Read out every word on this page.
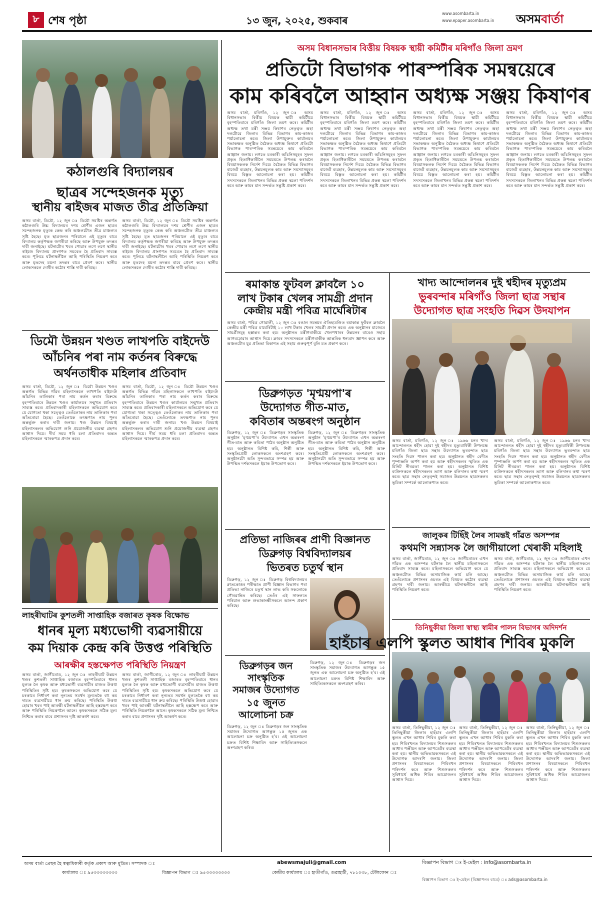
৮ শেষ পৃষ্ঠা	১৩ জুন, ২০২৫, শুকবাৰ
www.asombarta.in
www.epaper.asombarta.in অসমবাৰ্তা
অসম বিধানসভাৰ বিত্তীয় বিষয়ক স্থায়ী কমিটীৰ মৰিগাঁও জিলা ভ্ৰমণ
প্ৰতিটো বিভাগক পাৰস্পৰিক সমন্বয়েৰে
কাম কৰিবলৈ আহ্বান অধ্যক্ষ সঞ্জয় কিষাণৰ
অসম বাৰ্তা, মৰিগাঁও, ১২ জুন ঃ অসম বিধানসভাৰ বিত্তীয় বিষয়ক স্থায়ী কমিটীয়ে বৃহস্পতিবাৰে মৰিগাঁও জিলা ভ্ৰমণ কৰে। কমিটীৰ অধ্যক্ষ তথা মন্ত্ৰী সঞ্জয় কিষাণৰ নেতৃত্বত অহা দলটোৱে জিলাৰ বিভিন্ন বিভাগৰ কাম-কাজৰ পৰ্যালোচনা কৰে। জিলা উপায়ুক্তৰ কাৰ্যালয়ৰ সভাকক্ষত অনুষ্ঠিত বৈঠকত অধ্যক্ষ কিষাণে প্ৰতিটো বিভাগক পাৰস্পৰিক সমন্বয়েৰে কাম কৰিবলৈ আহ্বান জনায়। লগতে চৰকাৰী আঁচনিসমূহৰ সুফল প্ৰকৃত হিতাধিকাৰীলৈ সময়মতে উপলব্ধ কৰাবলৈ বিষয়াসকলক নিৰ্দেশ দিয়ে। বৈঠকত বিভিন্ন বিভাগৰ বাজেট ব্যৱহাৰ, উন্নয়নমূলক কাম আৰু সমস্যাসমূহৰ বিষয়ে বিস্তৃত আলোচনা কৰা হয়। কমিটীৰ সদস্যসকলে জিলাখনৰ বিভিন্ন প্ৰকল্প স্থলো পৰিদৰ্শন কৰে আৰু কামৰ মান সন্দৰ্ভত সন্তুষ্টি প্ৰকাশ কৰে।
অসম বাৰ্তা, মৰিগাঁও, ১২ জুন ঃ অসম বিধানসভাৰ বিত্তীয় বিষয়ক স্থায়ী কমিটীয়ে বৃহস্পতিবাৰে মৰিগাঁও জিলা ভ্ৰমণ কৰে। কমিটীৰ অধ্যক্ষ তথা মন্ত্ৰী সঞ্জয় কিষাণৰ নেতৃত্বত অহা দলটোৱে জিলাৰ বিভিন্ন বিভাগৰ কাম-কাজৰ পৰ্যালোচনা কৰে। জিলা উপায়ুক্তৰ কাৰ্যালয়ৰ সভাকক্ষত অনুষ্ঠিত বৈঠকত অধ্যক্ষ কিষাণে প্ৰতিটো বিভাগক পাৰস্পৰিক সমন্বয়েৰে কাম কৰিবলৈ আহ্বান জনায়। লগতে চৰকাৰী আঁচনিসমূহৰ সুফল প্ৰকৃত হিতাধিকাৰীলৈ সময়মতে উপলব্ধ কৰাবলৈ বিষয়াসকলক নিৰ্দেশ দিয়ে। বৈঠকত বিভিন্ন বিভাগৰ বাজেট ব্যৱহাৰ, উন্নয়নমূলক কাম আৰু সমস্যাসমূহৰ বিষয়ে বিস্তৃত আলোচনা কৰা হয়। কমিটীৰ সদস্যসকলে জিলাখনৰ বিভিন্ন প্ৰকল্প স্থলো পৰিদৰ্শন কৰে আৰু কামৰ মান সন্দৰ্ভত সন্তুষ্টি প্ৰকাশ কৰে।
অসম বাৰ্তা, মৰিগাঁও, ১২ জুন ঃ অসম বিধানসভাৰ বিত্তীয় বিষয়ক স্থায়ী কমিটীয়ে বৃহস্পতিবাৰে মৰিগাঁও জিলা ভ্ৰমণ কৰে। কমিটীৰ অধ্যক্ষ তথা মন্ত্ৰী সঞ্জয় কিষাণৰ নেতৃত্বত অহা দলটোৱে জিলাৰ বিভিন্ন বিভাগৰ কাম-কাজৰ পৰ্যালোচনা কৰে। জিলা উপায়ুক্তৰ কাৰ্যালয়ৰ সভাকক্ষত অনুষ্ঠিত বৈঠকত অধ্যক্ষ কিষাণে প্ৰতিটো বিভাগক পাৰস্পৰিক সমন্বয়েৰে কাম কৰিবলৈ আহ্বান জনায়। লগতে চৰকাৰী আঁচনিসমূহৰ সুফল প্ৰকৃত হিতাধিকাৰীলৈ সময়মতে উপলব্ধ কৰাবলৈ বিষয়াসকলক নিৰ্দেশ দিয়ে। বৈঠকত বিভিন্ন বিভাগৰ বাজেট ব্যৱহাৰ, উন্নয়নমূলক কাম আৰু সমস্যাসমূহৰ বিষয়ে বিস্তৃত আলোচনা কৰা হয়। কমিটীৰ সদস্যসকলে জিলাখনৰ বিভিন্ন প্ৰকল্প স্থলো পৰিদৰ্শন কৰে আৰু কামৰ মান সন্দৰ্ভত সন্তুষ্টি প্ৰকাশ কৰে।
অসম বাৰ্তা, মৰিগাঁও, ১২ জুন ঃ অসম বিধানসভাৰ বিত্তীয় বিষয়ক স্থায়ী কমিটীয়ে বৃহস্পতিবাৰে মৰিগাঁও জিলা ভ্ৰমণ কৰে। কমিটীৰ অধ্যক্ষ তথা মন্ত্ৰী সঞ্জয় কিষাণৰ নেতৃত্বত অহা দলটোৱে জিলাৰ বিভিন্ন বিভাগৰ কাম-কাজৰ পৰ্যালোচনা কৰে। জিলা উপায়ুক্তৰ কাৰ্যালয়ৰ সভাকক্ষত অনুষ্ঠিত বৈঠকত অধ্যক্ষ কিষাণে প্ৰতিটো বিভাগক পাৰস্পৰিক সমন্বয়েৰে কাম কৰিবলৈ আহ্বান জনায়। লগতে চৰকাৰী আঁচনিসমূহৰ সুফল প্ৰকৃত হিতাধিকাৰীলৈ সময়মতে উপলব্ধ কৰাবলৈ বিষয়াসকলক নিৰ্দেশ দিয়ে। বৈঠকত বিভিন্ন বিভাগৰ বাজেট ব্যৱহাৰ, উন্নয়নমূলক কাম আৰু সমস্যাসমূহৰ বিষয়ে বিস্তৃত আলোচনা কৰা হয়। কমিটীৰ সদস্যসকলে জিলাখনৰ বিভিন্ন প্ৰকল্প স্থলো পৰিদৰ্শন কৰে আৰু কামৰ মান সন্দৰ্ভত সন্তুষ্টি প্ৰকাশ কৰে।
কঠালগুৰি বিদ্যালয়ৰ
ছাত্ৰৰ সন্দেহজনক মৃত্যু
স্থানীয় ৰাইজৰ মাজত তীব্ৰ প্ৰতিক্ৰিয়া
অসম বাৰ্তা, ডিমৌ, ১২ জুন ঃ ডিমৌ সমষ্টিৰ অন্তৰ্গত কঠালগুৰি উচ্চ বিদ্যালয়ৰ দশম শ্ৰেণীৰ এজন ছাত্ৰৰ সন্দেহজনক মৃত্যুক কেন্দ্ৰ কৰি অঞ্চলটোত তীব্ৰ চাঞ্চল্যৰ সৃষ্টি হৈছে। মৃত ছাত্ৰজনৰ পৰিয়ালে এই মৃত্যুৰ বাবে বিদ্যালয় কৰ্তৃপক্ষক জগৰীয়া কৰিছে আৰু উপযুক্ত তদন্তৰ দাবী জনাইছে। ঘটনাটোৰ খবৰ পোৱাৰ লগে লগে স্থানীয় ৰাইজে বিদ্যালয় প্ৰাংগণত সমবেত হৈ প্ৰতিবাদ সাব্যস্ত কৰে। পুলিচে ঘটনাস্থলীলৈ আহি পৰিস্থিতি নিয়ন্ত্ৰণ কৰে আৰু মৃতদেহ ময়না তদন্তৰ বাবে প্ৰেৰণ কৰে। স্থানীয় লোকসকলে দোষীৰ কঠোৰ শাস্তি দাবী কৰিছে।
অসম বাৰ্তা, ডিমৌ, ১২ জুন ঃ ডিমৌ সমষ্টিৰ অন্তৰ্গত কঠালগুৰি উচ্চ বিদ্যালয়ৰ দশম শ্ৰেণীৰ এজন ছাত্ৰৰ সন্দেহজনক মৃত্যুক কেন্দ্ৰ কৰি অঞ্চলটোত তীব্ৰ চাঞ্চল্যৰ সৃষ্টি হৈছে। মৃত ছাত্ৰজনৰ পৰিয়ালে এই মৃত্যুৰ বাবে বিদ্যালয় কৰ্তৃপক্ষক জগৰীয়া কৰিছে আৰু উপযুক্ত তদন্তৰ দাবী জনাইছে। ঘটনাটোৰ খবৰ পোৱাৰ লগে লগে স্থানীয় ৰাইজে বিদ্যালয় প্ৰাংগণত সমবেত হৈ প্ৰতিবাদ সাব্যস্ত কৰে। পুলিচে ঘটনাস্থলীলৈ আহি পৰিস্থিতি নিয়ন্ত্ৰণ কৰে আৰু মৃতদেহ ময়না তদন্তৰ বাবে প্ৰেৰণ কৰে। স্থানীয় লোকসকলে দোষীৰ কঠোৰ শাস্তি দাবী কৰিছে।
ডিমৌ উন্নয়ন খণ্ডত লাখপতি বাইদেউ
আঁচনিৰ পৰা নাম কৰ্তনৰ বিৰুদ্ধে
অৰ্থনতাধীক মহিলাৰ প্ৰতিবাদ
অসম বাৰ্তা, ডিমৌ, ১২ জুন ঃ ডিমৌ উন্নয়ন খণ্ডৰ অন্তৰ্গত বিভিন্ন গাঁৱৰ মহিলাসকলে লাখপতি বাইদেউ আঁচনিৰ তালিকাৰ পৰা নাম কৰ্তন কৰাৰ বিৰুদ্ধে বৃহস্পতিবাৰে উন্নয়ন খণ্ডৰ কাৰ্যালয়ৰ সন্মুখত প্ৰতিবাদ সাব্যস্ত কৰে। প্ৰতিবাদকাৰী মহিলাসকলে অভিযোগ কৰে যে যোগ্যতা থকা সত্ত্বেও তেওঁলোকৰ নাম তালিকাৰ পৰা আঁতৰোৱা হৈছে। তেওঁলোকে তৎক্ষণাত নাম পুনৰ অন্তৰ্ভুক্ত কৰাৰ দাবী জনায়। খণ্ড উন্নয়ন বিষয়াই মহিলাসকলৰ অভিযোগ শুনি প্ৰয়োজনীয় ব্যৱস্থা গ্ৰহণৰ আশ্বাস দিয়ে। দীৰ্ঘ সময় ধৰি চলা প্ৰতিবাদৰ অন্তত মহিলাসকলে স্মাৰকপত্ৰ প্ৰদান কৰে।
অসম বাৰ্তা, ডিমৌ, ১২ জুন ঃ ডিমৌ উন্নয়ন খণ্ডৰ অন্তৰ্গত বিভিন্ন গাঁৱৰ মহিলাসকলে লাখপতি বাইদেউ আঁচনিৰ তালিকাৰ পৰা নাম কৰ্তন কৰাৰ বিৰুদ্ধে বৃহস্পতিবাৰে উন্নয়ন খণ্ডৰ কাৰ্যালয়ৰ সন্মুখত প্ৰতিবাদ সাব্যস্ত কৰে। প্ৰতিবাদকাৰী মহিলাসকলে অভিযোগ কৰে যে যোগ্যতা থকা সত্ত্বেও তেওঁলোকৰ নাম তালিকাৰ পৰা আঁতৰোৱা হৈছে। তেওঁলোকে তৎক্ষণাত নাম পুনৰ অন্তৰ্ভুক্ত কৰাৰ দাবী জনায়। খণ্ড উন্নয়ন বিষয়াই মহিলাসকলৰ অভিযোগ শুনি প্ৰয়োজনীয় ব্যৱস্থা গ্ৰহণৰ আশ্বাস দিয়ে। দীৰ্ঘ সময় ধৰি চলা প্ৰতিবাদৰ অন্তত মহিলাসকলে স্মাৰকপত্ৰ প্ৰদান কৰে।
লাহৰীঘাটৰ কুশতলী সাপ্তাহিক বজাৰত কৃষক বিক্ষোভ
ধানৰ মূল্য মধ্যভোগী ব্যৱসায়ীয়ে
কম দিয়াক কেন্দ্ৰ কৰি উত্তপ্ত পৰিস্থিতি
আৰক্ষীৰ হস্তক্ষেপত পৰিস্থিতি নিয়ন্ত্ৰণ
অসম বাৰ্তা, জাগীৰোড, ১২ জুন ঃ লাহৰীঘাট উন্নয়ন খণ্ডৰ কুশতলী সাপ্তাহিক বজাৰত বৃহস্পতিবাৰে ধানৰ মূল্যক লৈ কৃষক আৰু মধ্যভোগী ব্যৱসায়ীৰ মাজত উত্তপ্ত পৰিস্থিতিৰ সৃষ্টি হয়। কৃষকসকলে অভিযোগ কৰে যে চৰকাৰে নিৰ্ধাৰণ কৰা নূন্যতম সমৰ্থন মূল্যতকৈ বহু কম দামত ব্যৱসায়ীয়ে ধান ক্ৰয় কৰিছে। পৰিস্থিতি উত্তপ্ত হোৱাৰ খবৰ পাই আৰক্ষী ঘটনাস্থলীলৈ আহি হস্তক্ষেপ কৰে আৰু পৰিস্থিতি নিয়ন্ত্ৰণলৈ আনে। কৃষকসকলে সঠিক মূল্য নিশ্চিত কৰাৰ বাবে প্ৰশাসনৰ দৃষ্টি আকৰ্ষণ কৰে।
অসম বাৰ্তা, জাগীৰোড, ১২ জুন ঃ লাহৰীঘাট উন্নয়ন খণ্ডৰ কুশতলী সাপ্তাহিক বজাৰত বৃহস্পতিবাৰে ধানৰ মূল্যক লৈ কৃষক আৰু মধ্যভোগী ব্যৱসায়ীৰ মাজত উত্তপ্ত পৰিস্থিতিৰ সৃষ্টি হয়। কৃষকসকলে অভিযোগ কৰে যে চৰকাৰে নিৰ্ধাৰণ কৰা নূন্যতম সমৰ্থন মূল্যতকৈ বহু কম দামত ব্যৱসায়ীয়ে ধান ক্ৰয় কৰিছে। পৰিস্থিতি উত্তপ্ত হোৱাৰ খবৰ পাই আৰক্ষী ঘটনাস্থলীলৈ আহি হস্তক্ষেপ কৰে আৰু পৰিস্থিতি নিয়ন্ত্ৰণলৈ আনে। কৃষকসকলে সঠিক মূল্য নিশ্চিত কৰাৰ বাবে প্ৰশাসনৰ দৃষ্টি আকৰ্ষণ কৰে।
ৰমাকান্ত ফুটবল ক্লাবলৈ ১০
লাখ টকাৰ খেলৰ সামগ্ৰী প্ৰদান
কেন্দ্ৰীয় মন্ত্ৰী পবিত্ৰ মাৰ্ঘেৰিটাৰ
অসম বাৰ্তা, পবিত্ৰ গোৱালী, ১২ জুন ঃ বঙাল সমন্বয়ৰ ঐতিহ্যমণ্ডিত ৰমাকান্ত ফুটবল ক্লাবলৈ কেন্দ্ৰীয় মন্ত্ৰী পবিত্ৰ মাৰ্ঘেৰিটাই ১০ লাখ টকাৰ খেলৰ সামগ্ৰী প্ৰদান কৰে। এক অনুষ্ঠানৰ মাজেৰে সামগ্ৰীসমূহ হস্তান্তৰ কৰা হয়। অনুষ্ঠানত মন্ত্ৰীগৰাকীয়ে খেলপথাৰৰ উন্নয়নৰ বাবেও সহায় আগবঢ়োৱাৰ আশ্বাস দিয়ে। ক্লাবৰ সদস্যসকলে মন্ত্ৰীগৰাকীক আন্তৰিক ধন্যবাদ জ্ঞাপন কৰে আৰু অঞ্চলটোৰ যুৱ প্ৰতিভা বিকাশত এই সহায় গুৰুত্বপূৰ্ণ বুলি মত প্ৰকাশ কৰে।
ডিব্ৰুগড়ত 'মৃণ্ময়পা'ৰ
উদ্যোগত গীত-মাত,
কবিতাৰ অন্তৰংগ অনুষ্ঠান
ডিব্ৰুগড়, ১২ জুন ঃ ডিব্ৰুগড়ৰ সাংস্কৃতিক অনুষ্ঠান 'মৃণ্ময়পা'ৰ উদ্যোগত এখন অন্তৰংগ গীত-মাত আৰু কবিতা পাঠৰ অনুষ্ঠান অনুষ্ঠিত হয়। অনুষ্ঠানত বিশিষ্ট কবি, শিল্পী আৰু সংস্কৃতিপ্ৰেমী লোকসকলে অংশগ্ৰহণ কৰে। অনুষ্ঠানটো অতি সুন্দৰভাৱে সম্পন্ন হয় আৰু উপস্থিত দৰ্শকসকলে ইয়াক উপভোগ কৰে।
ডিব্ৰুগড়, ১২ জুন ঃ ডিব্ৰুগড়ৰ সাংস্কৃতিক অনুষ্ঠান 'মৃণ্ময়পা'ৰ উদ্যোগত এখন অন্তৰংগ গীত-মাত আৰু কবিতা পাঠৰ অনুষ্ঠান অনুষ্ঠিত হয়। অনুষ্ঠানত বিশিষ্ট কবি, শিল্পী আৰু সংস্কৃতিপ্ৰেমী লোকসকলে অংশগ্ৰহণ কৰে। অনুষ্ঠানটো অতি সুন্দৰভাৱে সম্পন্ন হয় আৰু উপস্থিত দৰ্শকসকলে ইয়াক উপভোগ কৰে।
প্ৰতিভা নাজিৰৰ প্ৰাণী বিজ্ঞানত
ডিব্ৰুগড় বিশ্ববিদ্যালয়ৰ
ভিতৰত চতুৰ্থ স্থান
ডিব্ৰুগড়, ১২ জুন ঃ ডিব্ৰুগড় বিশ্ববিদ্যালয়ৰ স্নাতকোত্তৰ পৰীক্ষাত প্ৰাণী বিজ্ঞান বিভাগৰ পৰা প্ৰতিভা নাজিৰে চতুৰ্থ স্থান লাভ কৰি সকলোকে গৌৰৱান্বিত কৰিছে। তেওঁৰ এই সাফল্যত পৰিয়াল আৰু শুভাকাংক্ষীসকলে আনন্দ প্ৰকাশ কৰিছে।
ডিব্ৰুগড়ৰ জন
সাংস্কৃতিক
সমাজৰ উদ্যোগত
১৫ জুনত
আলোচনা চক্ৰ
ডিব্ৰুগড়, ১২ জুন ঃ ডিব্ৰুগড়ৰ জন সাংস্কৃতিক সমাজৰ উদ্যোগত আগন্তুক ১৫ জুনত এক আলোচনা চক্ৰ অনুষ্ঠিত হ'ব। এই আলোচনা চক্ৰত বিশিষ্ট শিক্ষাবিদ আৰু সাহিত্যিকসকলে অংশগ্ৰহণ কৰিব।
ডিব্ৰুগড়, ১২ জুন ঃ ডিব্ৰুগড়ৰ জন সাংস্কৃতিক সমাজৰ উদ্যোগত আগন্তুক ১৫ জুনত এক আলোচনা চক্ৰ অনুষ্ঠিত হ'ব। এই আলোচনা চক্ৰত বিশিষ্ট শিক্ষাবিদ আৰু সাহিত্যিকসকলে অংশগ্ৰহণ কৰিব।
খাদ্য আন্দোলনৰ দুই শ্বহীদৰ মৃত্যুপ্ৰম
ভুৰবন্দাৰ মৰিগাঁও জিলা ছাত্ৰ সন্থাৰ
উদ্যোগত ছাত্ৰ সংহতি দিৱস উদযাপন
অসম বাৰ্তা, মৰিগাঁও, ১২ জুন ঃ ১৯৬৬ চনৰ খাদ্য আন্দোলনত শ্বহীদ হোৱা দুই শ্বহীদৰ মৃত্যুবাৰ্ষিকী উপলক্ষে মৰিগাঁও জিলা ছাত্ৰ সন্থাৰ উদ্যোগত ভুৰবন্দাত ছাত্ৰ সংহতি দিৱস পালন কৰা হয়। অনুষ্ঠানত শ্বহীদ বেদীত পুষ্পাঞ্জলি অৰ্পণ কৰা হয় আৰু শ্বহীদসকলৰ স্মৃতিত এক মিনিট নীৰৱতা পালন কৰা হয়। অনুষ্ঠানত বিশিষ্ট ব্যক্তিসকলে শ্বহীদসকলৰ ত্যাগ আৰু বলিদানৰ কথা স্মৰণ কৰে। ছাত্ৰ সন্থাৰ নেতৃবৃন্দই সমাজৰ উন্নয়নত ছাত্ৰসকলৰ ভূমিকা সম্পৰ্কে আলোকপাত কৰে।
অসম বাৰ্তা, মৰিগাঁও, ১২ জুন ঃ ১৯৬৬ চনৰ খাদ্য আন্দোলনত শ্বহীদ হোৱা দুই শ্বহীদৰ মৃত্যুবাৰ্ষিকী উপলক্ষে মৰিগাঁও জিলা ছাত্ৰ সন্থাৰ উদ্যোগত ভুৰবন্দাত ছাত্ৰ সংহতি দিৱস পালন কৰা হয়। অনুষ্ঠানত শ্বহীদ বেদীত পুষ্পাঞ্জলি অৰ্পণ কৰা হয় আৰু শ্বহীদসকলৰ স্মৃতিত এক মিনিট নীৰৱতা পালন কৰা হয়। অনুষ্ঠানত বিশিষ্ট ব্যক্তিসকলে শ্বহীদসকলৰ ত্যাগ আৰু বলিদানৰ কথা স্মৰণ কৰে। ছাত্ৰ সন্থাৰ নেতৃবৃন্দই সমাজৰ উন্নয়নত ছাত্ৰসকলৰ ভূমিকা সম্পৰ্কে আলোকপাত কৰে।
জালুকৰ টিছিঁই লৈৰ সামন্তই গাঁৱত অসম্পন্ন
কথমণি সন্ন্যাসক লৈ জাগীয়ালো খেৰাকী মহিলাই
অসম বাৰ্তা, জাগীৰোড, ১২ জুন ঃ জাগীৰোডৰ এখন গাঁৱত এক অসম্পন্ন ঘটনাক লৈ স্থানীয় মহিলাসকলে প্ৰতিবাদ সাব্যস্ত কৰে। মহিলাসকলে অভিযোগ কৰে যে অঞ্চলটোত বিভিন্ন অসামাজিক কাৰ্য চলি আছে। তেওঁলোকে প্ৰশাসনৰ ওচৰত এই বিষয়ত কঠোৰ ব্যৱস্থা গ্ৰহণৰ দাবী জনায়। আৰক্ষীয়ে ঘটনাস্থলীলৈ আহি পৰিস্থিতি নিয়ন্ত্ৰণ কৰে।
অসম বাৰ্তা, জাগীৰোড, ১২ জুন ঃ জাগীৰোডৰ এখন গাঁৱত এক অসম্পন্ন ঘটনাক লৈ স্থানীয় মহিলাসকলে প্ৰতিবাদ সাব্যস্ত কৰে। মহিলাসকলে অভিযোগ কৰে যে অঞ্চলটোত বিভিন্ন অসামাজিক কাৰ্য চলি আছে। তেওঁলোকে প্ৰশাসনৰ ওচৰত এই বিষয়ত কঠোৰ ব্যৱস্থা গ্ৰহণৰ দাবী জনায়। আৰক্ষীয়ে ঘটনাস্থলীলৈ আহি পৰিস্থিতি নিয়ন্ত্ৰণ কৰে।
তিনিছুকীয়া জিলা স্বাস্থ্য স্বামীৰ পালন বিভাগৰ অদিদৰ্শন
হাহঁচাৰ এলপি স্কুলত আধাৰ শিবিৰ মুকলি
অসম বাৰ্তা, তিনিছুকীয়া, ১২ জুন ঃ তিনিছুকীয়া জিলাৰ হাহঁচাৰ এলপি স্কুলত এখন আধাৰ শিবিৰ মুকলি কৰা হয়। শিবিৰখনত বিদ্যালয়ৰ শিশুসকলৰ আধাৰ পঞ্জীয়ন আৰু আপডেটৰ ব্যৱস্থা কৰা হয়। স্থানীয় অভিভাৱকসকলে এই উদ্যোগক আদৰণি জনায়। জিলা প্ৰশাসনৰ বিষয়াসকলে শিবিৰখন পৰিদৰ্শন কৰে আৰু শিশুসকলৰ সুবিধাৰ্থে অধিক শিবিৰ আয়োজনৰ আশ্বাস দিয়ে।
অসম বাৰ্তা, তিনিছুকীয়া, ১২ জুন ঃ তিনিছুকীয়া জিলাৰ হাহঁচাৰ এলপি স্কুলত এখন আধাৰ শিবিৰ মুকলি কৰা হয়। শিবিৰখনত বিদ্যালয়ৰ শিশুসকলৰ আধাৰ পঞ্জীয়ন আৰু আপডেটৰ ব্যৱস্থা কৰা হয়। স্থানীয় অভিভাৱকসকলে এই উদ্যোগক আদৰণি জনায়। জিলা প্ৰশাসনৰ বিষয়াসকলে শিবিৰখন পৰিদৰ্শন কৰে আৰু শিশুসকলৰ সুবিধাৰ্থে অধিক শিবিৰ আয়োজনৰ আশ্বাস দিয়ে।
অসম বাৰ্তা, তিনিছুকীয়া, ১২ জুন ঃ তিনিছুকীয়া জিলাৰ হাহঁচাৰ এলপি স্কুলত এখন আধাৰ শিবিৰ মুকলি কৰা হয়। শিবিৰখনত বিদ্যালয়ৰ শিশুসকলৰ আধাৰ পঞ্জীয়ন আৰু আপডেটৰ ব্যৱস্থা কৰা হয়। স্থানীয় অভিভাৱকসকলে এই উদ্যোগক আদৰণি জনায়। জিলা প্ৰশাসনৰ বিষয়াসকলে শিবিৰখন পৰিদৰ্শন কৰে আৰু শিশুসকলৰ সুবিধাৰ্থে অধিক শিবিৰ আয়োজনৰ আশ্বাস দিয়ে।
অসম বাৰ্তা প্ৰেছৰ হৈ স্বত্বাধিকাৰী কৰ্তৃক প্ৰকাশ আৰু মুদ্ৰিত। সম্পাদক ঃ	abewsmajuli@gmail.com	বিজ্ঞাপন বিভাগ ঃ ই-মেইল : info@asombarta.in
কাৰ্য্যালয় ঃ ৯৫৩৩৩৩৩৩৩৩	বিজ্ঞাপন বিভাগ ঃ ৯৫৩৩৩৩৩৩৩৩	কেন্দ্ৰীয় কাৰ্য্যালয় ঃ হাতীগাঁও, গুৱাহাটী, ৭৮১০৩৮, টেলিফোন ঃ
বিজ্ঞাপন বিভাগ ঃ ই-মেইল (বিজ্ঞাপনৰ বাবে) ঃ ads@asombarta.in
